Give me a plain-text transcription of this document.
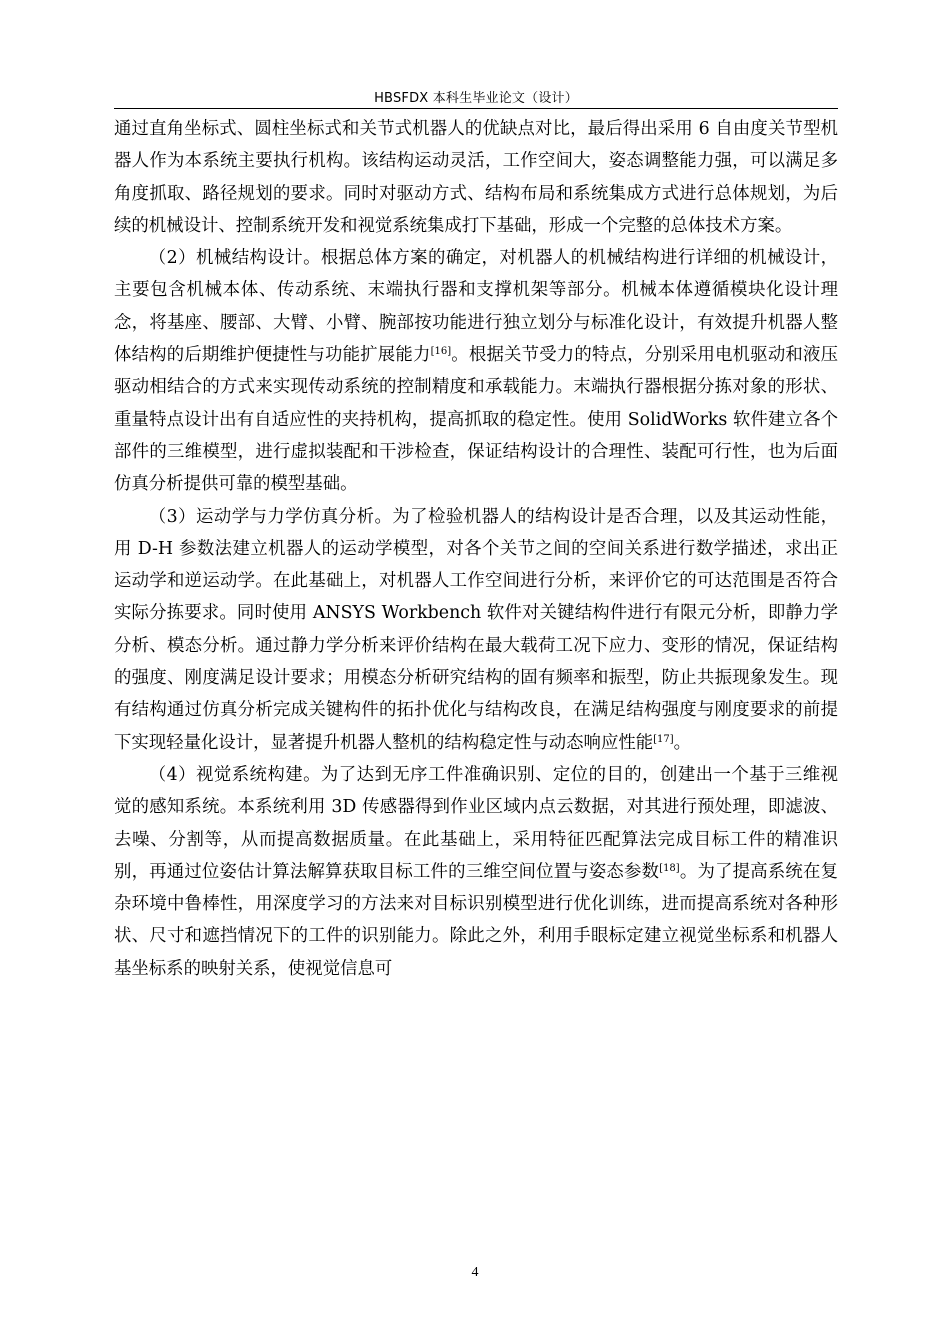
HBSFDX 本科生毕业论文（设计）

通过直角坐标式、圆柱坐标式和关节式机器人的优缺点对比，最后得出采用 6 自由度关节型机器人作为本系统主要执行机构。该结构运动灵活，工作空间大，姿态调整能力强，可以满足多角度抓取、路径规划的要求。同时对驱动方式、结构布局和系统集成方式进行总体规划，为后续的机械设计、控制系统开发和视觉系统集成打下基础，形成一个完整的总体技术方案。

（2）机械结构设计。根据总体方案的确定，对机器人的机械结构进行详细的机械设计，主要包含机械本体、传动系统、末端执行器和支撑机架等部分。机械本体遵循模块化设计理念，将基座、腰部、大臂、小臂、腕部按功能进行独立划分与标准化设计，有效提升机器人整体结构的后期维护便捷性与功能扩展能力[16]。根据关节受力的特点，分别采用电机驱动和液压驱动相结合的方式来实现传动系统的控制精度和承载能力。末端执行器根据分拣对象的形状、重量特点设计出有自适应性的夹持机构，提高抓取的稳定性。使用 SolidWorks 软件建立各个部件的三维模型，进行虚拟装配和干涉检查，保证结构设计的合理性、装配可行性，也为后面仿真分析提供可靠的模型基础。

（3）运动学与力学仿真分析。为了检验机器人的结构设计是否合理，以及其运动性能，用 D-H 参数法建立机器人的运动学模型，对各个关节之间的空间关系进行数学描述，求出正运动学和逆运动学。在此基础上，对机器人工作空间进行分析，来评价它的可达范围是否符合实际分拣要求。同时使用 ANSYS Workbench 软件对关键结构件进行有限元分析，即静力学分析、模态分析。通过静力学分析来评价结构在最大载荷工况下应力、变形的情况，保证结构的强度、刚度满足设计要求；用模态分析研究结构的固有频率和振型，防止共振现象发生。现有结构通过仿真分析完成关键构件的拓扑优化与结构改良，在满足结构强度与刚度要求的前提下实现轻量化设计，显著提升机器人整机的结构稳定性与动态响应性能[17]。

（4）视觉系统构建。为了达到无序工件准确识别、定位的目的，创建出一个基于三维视觉的感知系统。本系统利用 3D 传感器得到作业区域内点云数据，对其进行预处理，即滤波、去噪、分割等，从而提高数据质量。在此基础上，采用特征匹配算法完成目标工件的精准识别，再通过位姿估计算法解算获取目标工件的三维空间位置与姿态参数[18]。为了提高系统在复杂环境中鲁棒性，用深度学习的方法来对目标识别模型进行优化训练，进而提高系统对各种形状、尺寸和遮挡情况下的工件的识别能力。除此之外，利用手眼标定建立视觉坐标系和机器人基坐标系的映射关系，使视觉信息可

4
